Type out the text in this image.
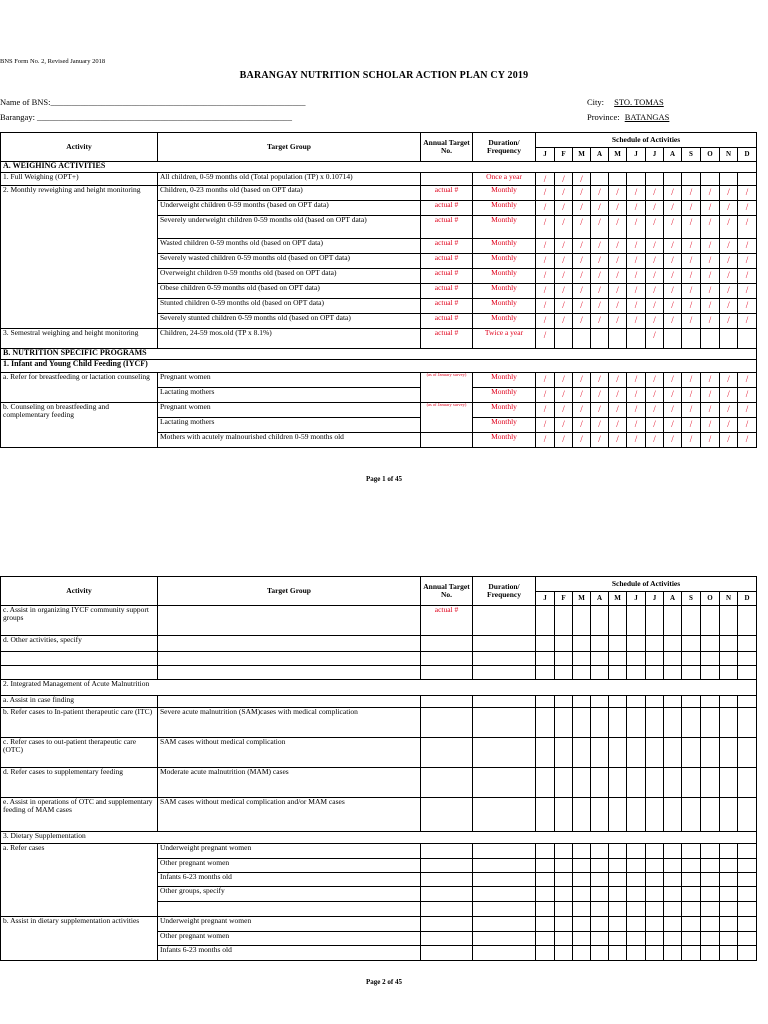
BNS Form No. 2, Revised January 2018
BARANGAY NUTRITION SCHOLAR ACTION PLAN CY 2019
Name of BNS:____________________________________________________________
Barangay: ____________________________________________________________
City: STO. TOMAS
Province: BATANGAS
Activity	Target Group	Annual Target No.	Duration/ Frequency	Schedule of Activities											
				J	F	M	A	M	J	J	A	S	O	N	D
A. WEIGHING ACTIVITIES															
1. Full Weighing (OPT+)	All children, 0-59 months old (Total population (TP) x 0.10714)		Once a year	/	/	/									
2. Monthly reweighing and height monitoring	Children, 0-23 months old (based on OPT data)	actual #	Monthly	/	/	/	/	/	/	/	/	/	/	/	/
	Underweight children 0-59 months (based on OPT data)	actual #	Monthly	/	/	/	/	/	/	/	/	/	/	/	/
	Severely underweight children 0-59 months old (based on OPT data)	actual #	Monthly	/	/	/	/	/	/	/	/	/	/	/	/
	Wasted children 0-59 months old (based on OPT data)	actual #	Monthly	/	/	/	/	/	/	/	/	/	/	/	/
	Severely wasted children 0-59 months old (based on OPT data)	actual #	Monthly	/	/	/	/	/	/	/	/	/	/	/	/
	Overweight children 0-59 months old (based on OPT data)	actual #	Monthly	/	/	/	/	/	/	/	/	/	/	/	/
	Obese children 0-59 months old (based on OPT data)	actual #	Monthly	/	/	/	/	/	/	/	/	/	/	/	/
	Stunted children 0-59 months old (based on OPT data)	actual #	Monthly	/	/	/	/	/	/	/	/	/	/	/	/
	Severely stunted children 0-59 months old (based on OPT data)	actual #	Monthly	/	/	/	/	/	/	/	/	/	/	/	/
3. Semestral weighing and height monitoring	Children, 24-59 mos.old (TP x 8.1%)	actual #	Twice a year	/						/					
B. NUTRITION SPECIFIC PROGRAMS															
1. Infant and Young Child Feeding (IYCF)															
a. Refer for breastfeeding or lactation counseling	Pregnant women	(as of January survey)	Monthly	/	/	/	/	/	/	/	/	/	/	/	/
	Lactating mothers		Monthly	/	/	/	/	/	/	/	/	/	/	/	/
b. Counseling on breastfeeding and complementary feeding	Pregnant women	(as of January survey)	Monthly	/	/	/	/	/	/	/	/	/	/	/	/
	Lactating mothers		Monthly	/	/	/	/	/	/	/	/	/	/	/	/
	Mothers with acutely malnourished children 0-59 months old		Monthly	/	/	/	/	/	/	/	/	/	/	/	/
Page 1 of 45
Activity	Target Group	Annual Target No.	Duration/ Frequency	Schedule of Activities											
				J	F	M	A	M	J	J	A	S	O	N	D
c. Assist in organizing IYCF community support groups		actual #													
d. Other activities, specify															

2. Integrated Management of Acute Malnutrition															
a. Assist in case finding															
b. Refer cases to In-patient therapeutic care (ITC)	Severe acute malnutrition (SAM)cases with medical complication														
c. Refer cases to out-patient therapeutic care (OTC)	SAM cases without medical complication														
d. Refer cases to supplementary feeding	Moderate acute malnutrition (MAM) cases														
e. Assist in operations of OTC and supplementary feeding of MAM cases	SAM cases without medical complication and/or MAM cases														
3. Dietary Supplementation															
a. Refer cases	Underweight pregnant women														
	Other pregnant women														
	Infants 6-23 months old														
	Other groups, specify														

b. Assist in dietary supplementation activities	Underweight pregnant women														
	Other pregnant women														
	Infants 6-23 months old														
Page 2 of 45
